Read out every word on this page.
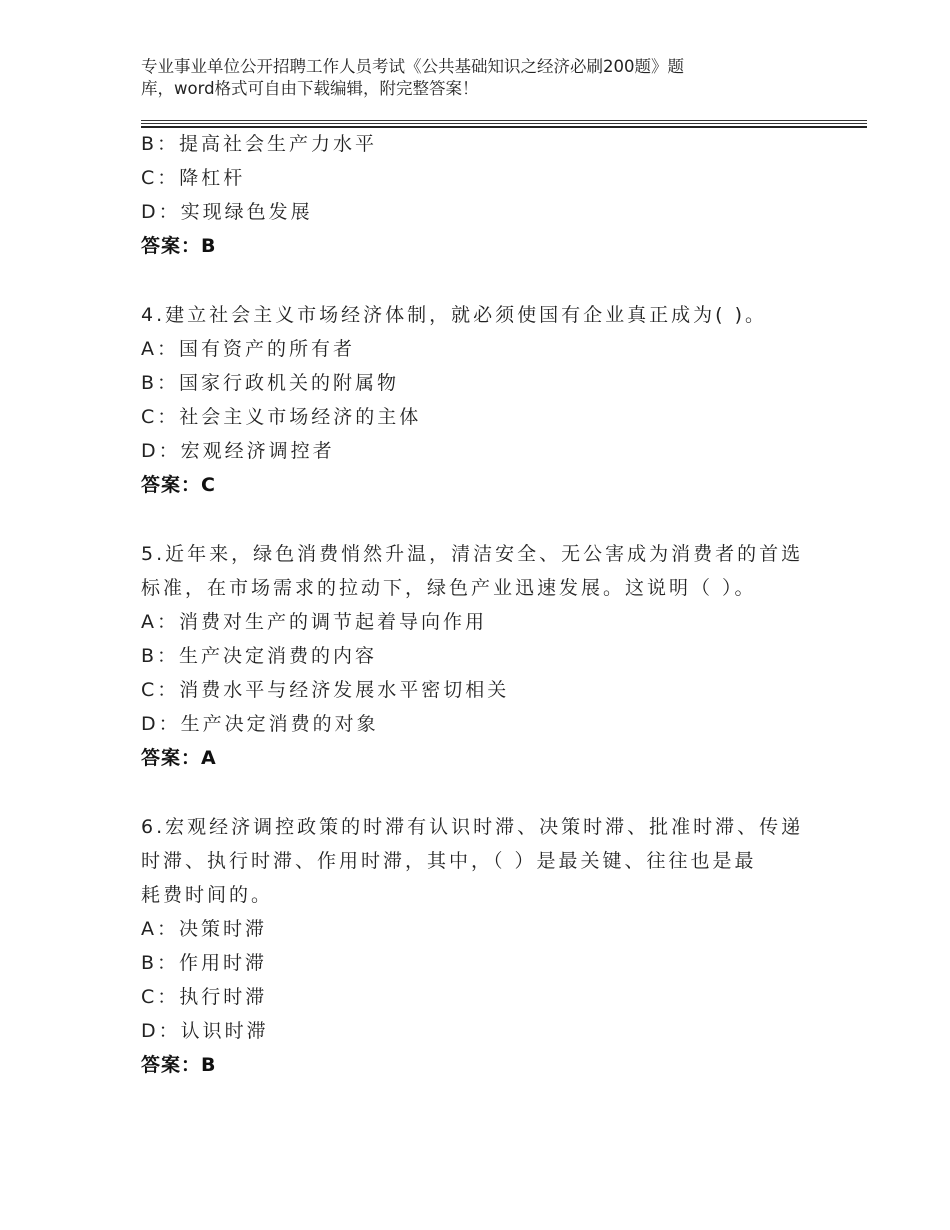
专业事业单位公开招聘工作人员考试《公共基础知识之经济必刷200题》题
库，word格式可自由下载编辑，附完整答案！
B：提高社会生产力水平
C：降杠杆
D：实现绿色发展
答案：B
4.建立社会主义市场经济体制，就必须使国有企业真正成为( )。
A：国有资产的所有者
B：国家行政机关的附属物
C：社会主义市场经济的主体
D：宏观经济调控者
答案：C
5.近年来，绿色消费悄然升温，清洁安全、无公害成为消费者的首选
标准，在市场需求的拉动下，绿色产业迅速发展。这说明（ ）。
A：消费对生产的调节起着导向作用
B：生产决定消费的内容
C：消费水平与经济发展水平密切相关
D：生产决定消费的对象
答案：A
6.宏观经济调控政策的时滞有认识时滞、决策时滞、批准时滞、传递
时滞、执行时滞、作用时滞，其中，（ ）是最关键、往往也是最
耗费时间的。
A：决策时滞
B：作用时滞
C：执行时滞
D：认识时滞
答案：B
